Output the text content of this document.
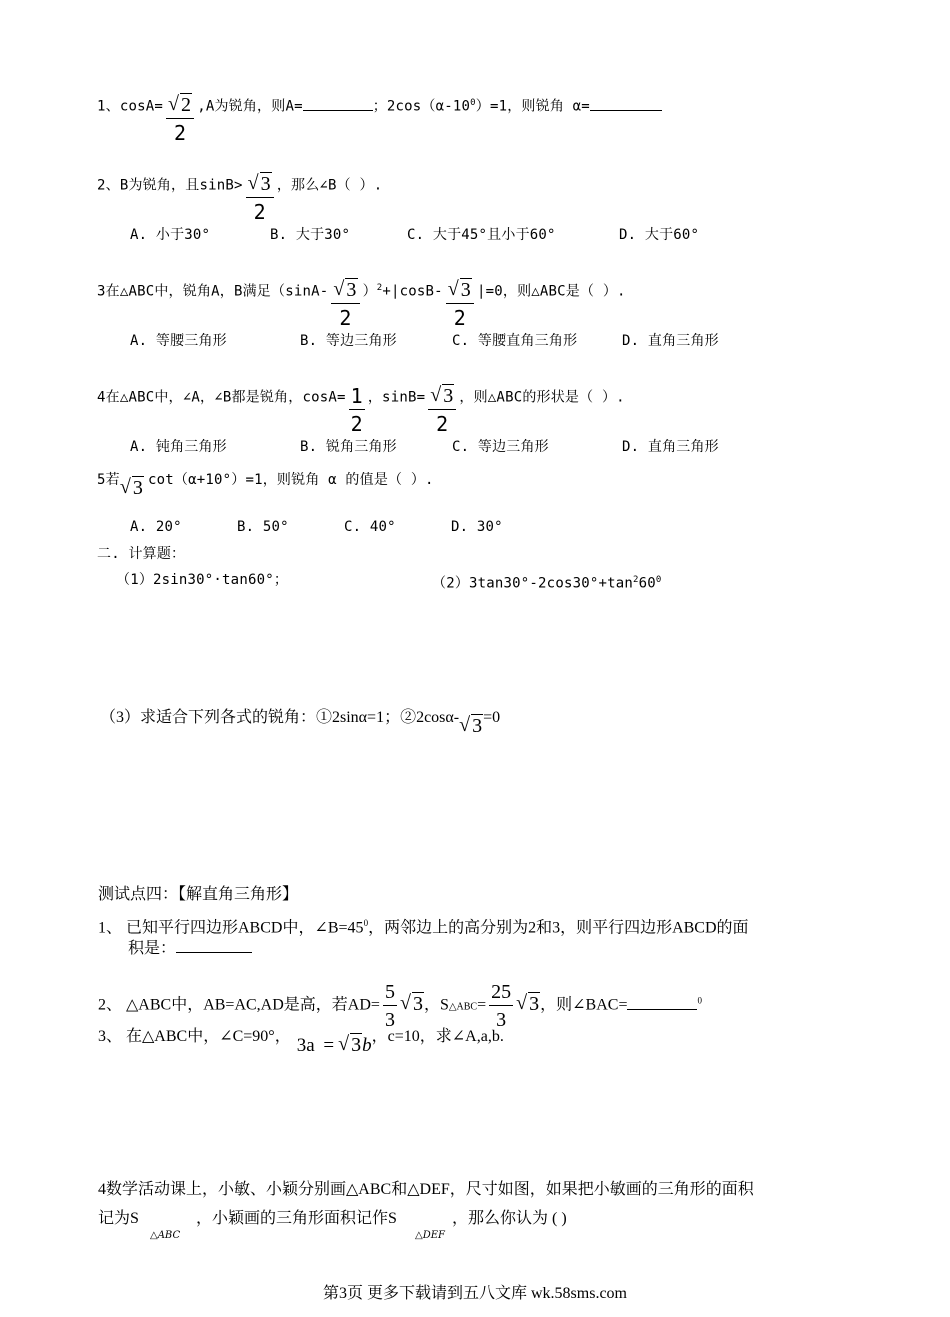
1、$\cos A= \frac{√ 2}{2} ,A$为锐角，则A=	；$2\cos(\alpha-10^0)=1$，则锐角 α=
2、B为锐角，且$\sin B> \frac{√ 3}{2}$ ，那么∠B（ ）.
A. 小于30°	B. 大于30°	C. 大于45°且小于60°	D. 大于60°
3在△ABC中，锐角A，B满足$(\sin A- \frac{√ 3}{2} )^2+|\cos B- \frac{√ 3}{2} |=0$，则△ABC是（ ）.
A. 等腰三角形	B. 等边三角形	C. 等腰直角三角形	D. 直角三角形
4在△ABC中，∠A，∠B都是锐角，$\cos A= \frac{1}{2}$ ，$\sin B= \frac{√ 3}{2}$ ，则△ABC的形状是（ ）.
A. 钝角三角形	B. 锐角三角形	C. 等边三角形	D. 直角三角形
5若 √ 3 cot（α+10°）=1，则锐角 α 的值是（ ）.
A. 20°	B. 50°	C. 40°	D. 30°
二. 计算题：
（1）2sin30°·tan60°；	$(2)3\tan 30^\circ-2\cos 30^\circ+\tan^260^0$
（3）求适合下列各式的锐角：①2sinα=1；②2cosα- √ 3=0
测试点四：【解直角三角形】
1、 已知平行四边形ABCD中，$\angle B=45^0$，两邻边上的高分别为2和3，则平行四边形ABCD的面
积是：
2、 △ABC中，AB=AC,AD是高，若$AD= \frac{5}{3}$ √ 3，S△ABC= $\frac{25}{3}$ √ 3，则∠BAC=	$^0$
3、 在△ABC中，∠C=90°， 3a = √ 3b，c=10，求∠A,a,b.
4数学活动课上，小敏、小颖分别画△ABC和△DEF，尺寸如图，如果把小敏画的三角形的面积
记为S
△ABC
，小颖画的三角形面积记作S
△DEF
，那么你认为 ( )
第3页 更多下载请到五八文库 wk.58sms.com
